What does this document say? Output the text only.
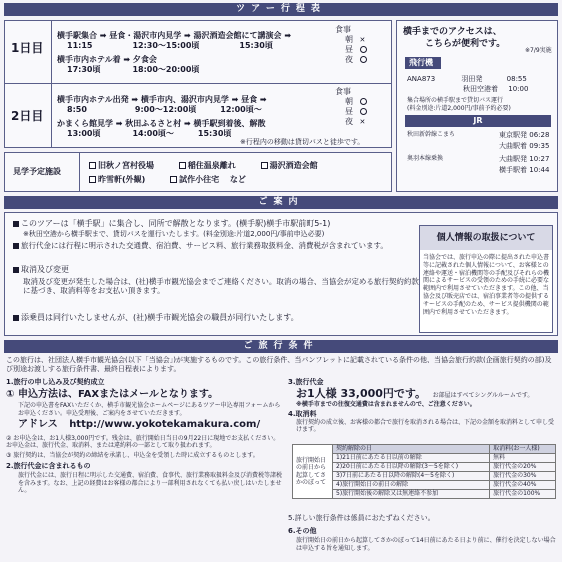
ツアー行程表
1日目
横手駅集合 ➡ 昼食・湯沢市内見学 ➡ 湯沢酒造会館にて講演会 ➡
11:15　　　　　12:30〜15:00頃　　　　　15:30頃
横手市内ホテル着 ➡ 夕食会
17:30頃　　　　18:00〜20:00頃
食事
朝 ✕
昼
夜
2日目
横手市内ホテル出発 ➡ 横手市内、湯沢市内見学 ➡ 昼食 ➡
8:50　　　　　　9:00〜12:00頃　　　12:00頃〜
かまくら館見学 ➡ 秋田ふるさと村 ➡ 横手駅到着後、解散
13:00頃　　　　14:00頃〜　　　15:30頃
※行程内の移動は貸切バスと徒歩です。
食事
朝
昼
夜 ✕
見学予定施設
旧秋ノ宮村役場	稲住温泉離れ	湯沢酒造会館
昨雪軒(外観)	試作小往宅 など
横手までのアクセスは、
こちらが便利です。
※7/9実施
飛行機
ANA873	羽田発	08:55
秋田空港着 10:00
集合場所の横手駅まで貸切バス運行
(料金別途:片道2,000円/事前予約必要)
JR
秋田新幹線こまち	東京駅発 06:28
大曲駅着 09:35
奥羽本線乗換	大曲駅発 10:27
横手駅着 10:44
ご案内
このツアーは「横手駅」に集合し、同所で解散となります。(横手駅)横手市駅前町5-1)
※秋田空港から横手駅まで、貸切バスを運行いたします。(料金別途:片道2,000円/事前申込必要)
旅行代金には行程に明示された交通費、宿泊費、サービス料、旅行業務取扱料金、消費税が含まれています。
取消及び変更
取消及び変更が発生した場合は、(社)横手市観光協会までご連絡ください。取消の場合、当協会が定める旅行契約約款に基づき、取消料等をお支払い頂きます。
添乗員は同行いたしませんが、(社)横手市観光協会の職員が同行いたします。
個人情報の取扱について
当協会では、旅行申込の際に提出された申込書等に記載された個人情報について、お客様との連絡や運送・宿泊機関等の手配及びそれらの機関によるサービスの受領のための手続に必要な範囲内で利用させていただきます。この他、当協会及び販売店では、宿泊事業者等の提供するサービスの手配のため、サービス提供機関の範囲内で利用させていただきます。
ご旅行条件
この旅行は、社団法人横手市観光協会(以下「当協会」)が実施するものです。この旅行条件、当パンフレットに記載されている条件の他、当協会旅行約款(企画旅行契約の部)及び別途お渡しする旅行条件書、最終日程表によります。
1.旅行の申し込み及び契約成立
① 申込方法は、FAXまたはメールとなります。
下記の申込書をFAXいただくか、横手市観光協会ホームページにあるツアー申込専用フォームからお申込ください。申込受理後、ご案内をさせていただきます。
アドレス http://www.yokotekamakura.com/
② お申込金は、お1人様3,000円です。残金は、旅行開始日当日の9月22日に現地でお支払ください。お申込金は、旅行代金、取消料、または違約料の一部として取り扱われます。
③ 旅行契約は、当協会が契約の締結を承諾し、申込金を受領した時に成立するものとします。
2.旅行代金に含まれるもの
旅行代金には、旅行日程に明示した交通費、宿泊費、食事代、旅行業務取扱料金及び消費税等諸税を含みます。なお、上記の経費はお客様の都合により一部利用されなくても払い戻しはいたしません。
3.旅行代金
お1人様 33,000円です。 お部屋はすべてシングルルームです。
※横手市までの往復交通費は含まれませんので、ご注意ください。
4.取消料
旅行契約の成立後、お客様の都合で旅行を取消される場合は、下記の金額を取消料として申し受けます。
旅行開始日の前日から起算してさかのぼって	契約解除の日	取消料(お一人様)
	1)21日前にあたる日以前の解除	無料
	2)20日前にあたる日以降の解除(3〜5を除く)	旅行代金の20%
	3)7日前にあたる日以降の解除(4〜5を除く)	旅行代金の30%
	4)旅行開始日の前日の解除	旅行代金の40%
	5)旅行開始後の解除又は無連絡不参加	旅行代金の100%
5.詳しい旅行条件は係員におたずねください。
6.その他
旅行開始日の前日から起算してさかのぼって14日前にあたる日より前に、催行を決定しない場合は申込する旨を通知します。
